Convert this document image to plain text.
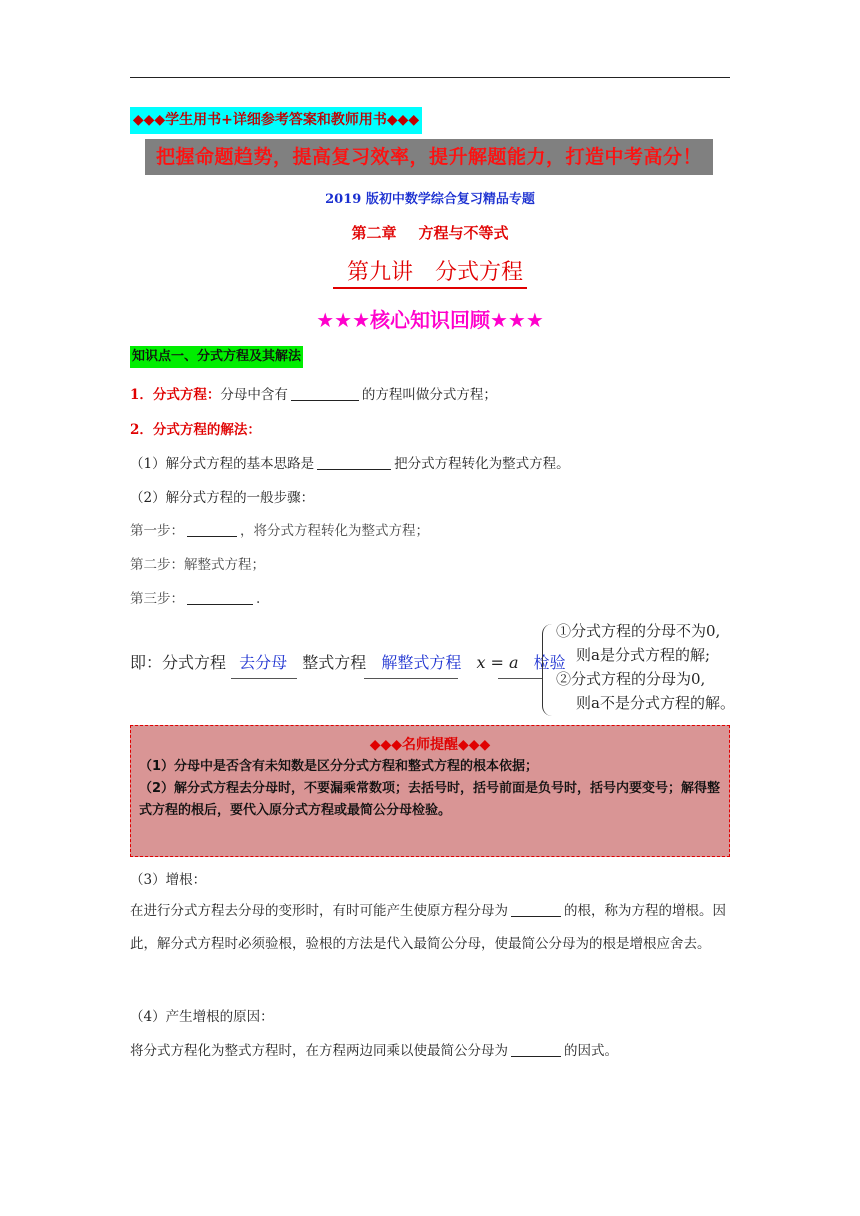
◆◆◆学生用书+详细参考答案和教师用书◆◆◆
把握命题趋势，提高复习效率，提升解题能力，打造中考高分！
2019 版初中数学综合复习精品专题
第二章 方程与不等式
第九讲 分式方程
★★★核心知识回顾★★★
知识点一、分式方程及其解法
1．分式方程：分母中含有	的方程叫做分式方程；
2．分式方程的解法：
（1）解分式方程的基本思路是	把分式方程转化为整式方程。
（2）解分式方程的一般步骤：
第一步：	，将分式方程转化为整式方程；
第二步：解整式方程；
第三步：	.
即：分式方程 去分母 整式方程 解整式方程 x = a 检验
①分式方程的分母不为0,
则a是分式方程的解;
②分式方程的分母为0,
则a不是分式方程的解。
◆◆◆名师提醒◆◆◆
（1）分母中是否含有未知数是区分分式方程和整式方程的根本依据；
（2）解分式方程去分母时，不要漏乘常数项；去括号时，括号前面是负号时，括号内要变号；解得整式方程的根后，要代入原分式方程或最简公分母检验。
（3）增根：
在进行分式方程去分母的变形时，有时可能产生使原方程分母为	的根，称为方程的增根。因此，解分式方程时必须验根，验根的方法是代入最简公分母，使最简公分母为的根是增根应舍去。
（4）产生增根的原因：
将分式方程化为整式方程时，在方程两边同乘以使最简公分母为	的因式。
